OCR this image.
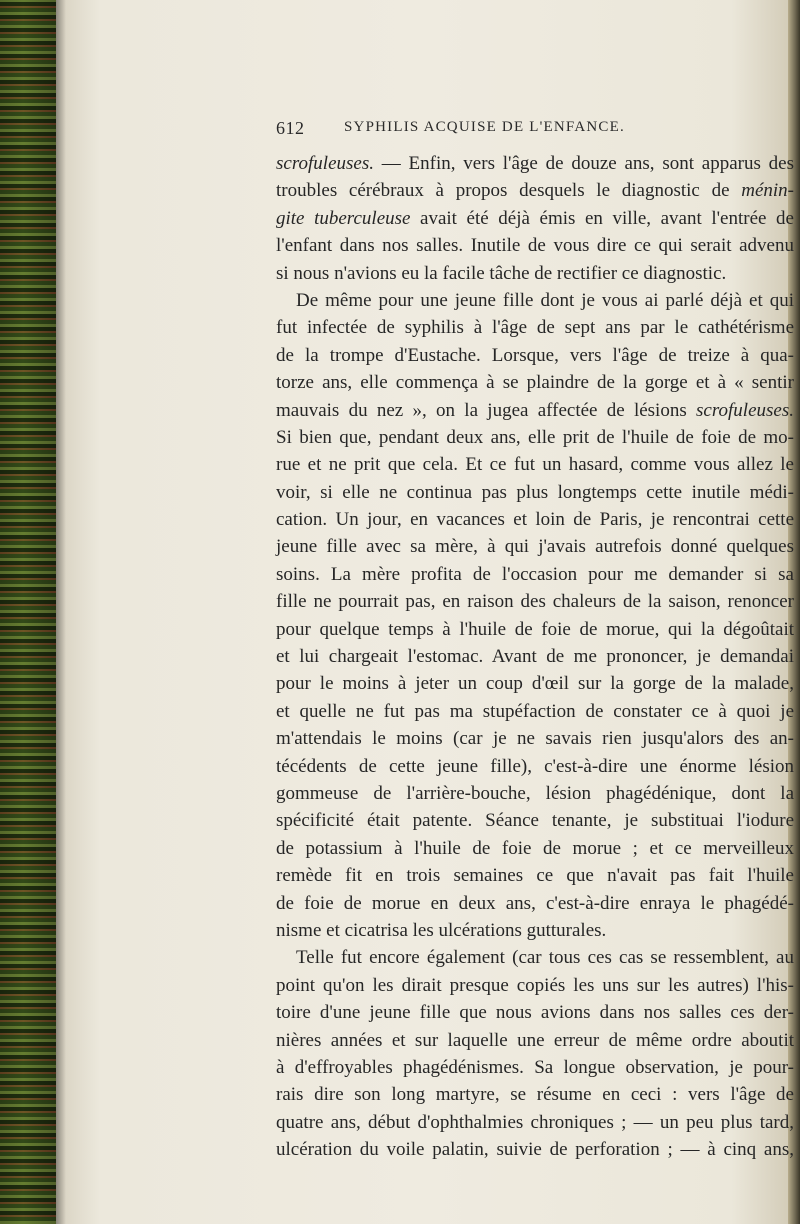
612	SYPHILIS ACQUISE DE L'ENFANCE.
scrofuleuses. — Enfin, vers l'âge de douze ans, sont apparus des
troubles cérébraux à propos desquels le diagnostic de ménin-
gite tuberculeuse avait été déjà émis en ville, avant l'entrée de
l'enfant dans nos salles. Inutile de vous dire ce qui serait advenu
si nous n'avions eu la facile tâche de rectifier ce diagnostic.
De même pour une jeune fille dont je vous ai parlé déjà et qui
fut infectée de syphilis à l'âge de sept ans par le cathétérisme
de la trompe d'Eustache. Lorsque, vers l'âge de treize à qua-
torze ans, elle commença à se plaindre de la gorge et à « sentir
mauvais du nez », on la jugea affectée de lésions scrofuleuses.
Si bien que, pendant deux ans, elle prit de l'huile de foie de mo-
rue et ne prit que cela. Et ce fut un hasard, comme vous allez le
voir, si elle ne continua pas plus longtemps cette inutile médi-
cation. Un jour, en vacances et loin de Paris, je rencontrai cette
jeune fille avec sa mère, à qui j'avais autrefois donné quelques
soins. La mère profita de l'occasion pour me demander si sa
fille ne pourrait pas, en raison des chaleurs de la saison, renoncer
pour quelque temps à l'huile de foie de morue, qui la dégoûtait
et lui chargeait l'estomac. Avant de me prononcer, je demandai
pour le moins à jeter un coup d'œil sur la gorge de la malade,
et quelle ne fut pas ma stupéfaction de constater ce à quoi je
m'attendais le moins (car je ne savais rien jusqu'alors des an-
técédents de cette jeune fille), c'est-à-dire une énorme lésion
gommeuse de l'arrière-bouche, lésion phagédénique, dont la
spécificité était patente. Séance tenante, je substituai l'iodure
de potassium à l'huile de foie de morue ; et ce merveilleux
remède fit en trois semaines ce que n'avait pas fait l'huile
de foie de morue en deux ans, c'est-à-dire enraya le phagédé-
nisme et cicatrisa les ulcérations gutturales.
Telle fut encore également (car tous ces cas se ressemblent, au
point qu'on les dirait presque copiés les uns sur les autres) l'his-
toire d'une jeune fille que nous avions dans nos salles ces der-
nières années et sur laquelle une erreur de même ordre aboutit
à d'effroyables phagédénismes. Sa longue observation, je pour-
rais dire son long martyre, se résume en ceci : vers l'âge de
quatre ans, début d'ophthalmies chroniques ; — un peu plus tard,
ulcération du voile palatin, suivie de perforation ; — à cinq ans,
